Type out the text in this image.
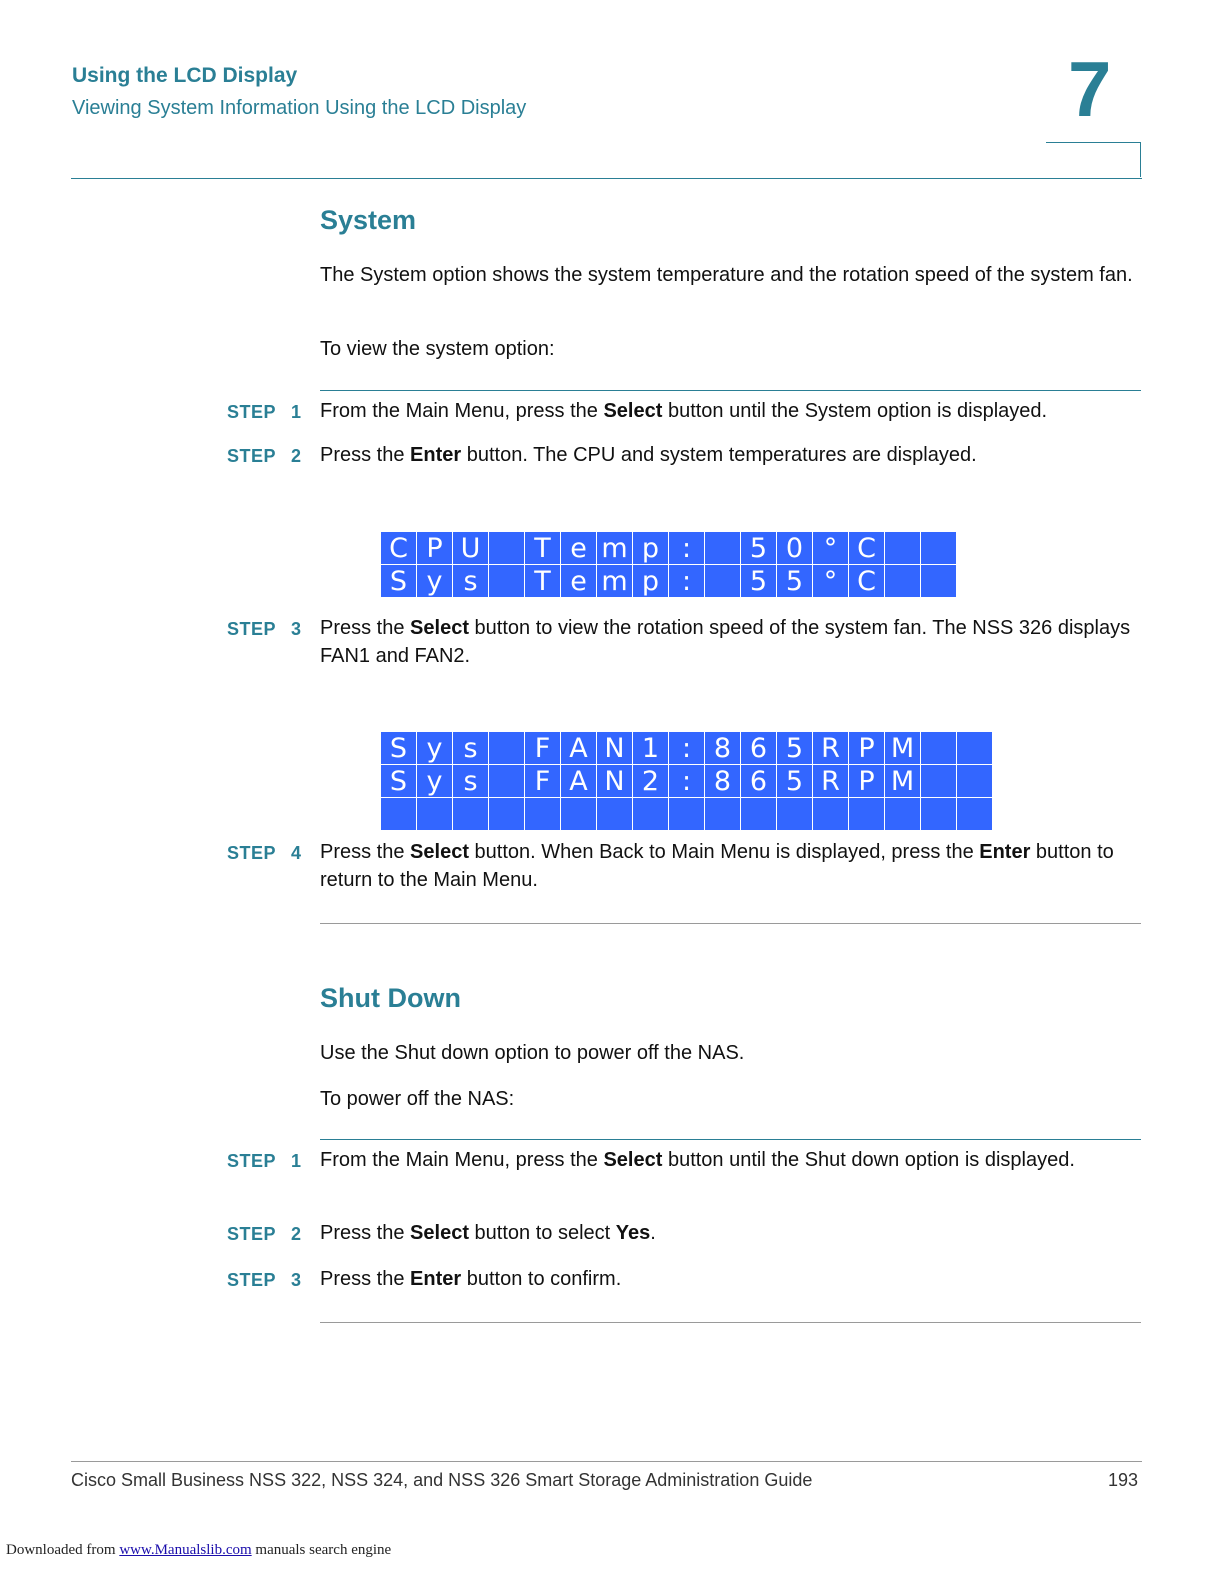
Using the LCD Display
Viewing System Information Using the LCD Display	7
System
The System option shows the system temperature and the rotation speed of the system fan.
To view the system option:
STEP 1 From the Main Menu, press the Select button until the System option is displayed.
STEP 2 Press the Enter button. The CPU and system temperatures are displayed.
C P U	T e m p :	5 0 ° C
S y s	T e m p :	5 5 ° C
STEP 3 Press the Select button to view the rotation speed of the system fan. The NSS 326 displays FAN1 and FAN2.
S y s	F A N 1 : 8 6 5 R P M
S y s	F A N 2 : 8 6 5 R P M
STEP 4 Press the Select button. When Back to Main Menu is displayed, press the Enter button to return to the Main Menu.
Shut Down
Use the Shut down option to power off the NAS.
To power off the NAS:
STEP 1 From the Main Menu, press the Select button until the Shut down option is displayed.
STEP 2 Press the Select button to select Yes.
STEP 3 Press the Enter button to confirm.
Cisco Small Business NSS 322, NSS 324, and NSS 326 Smart Storage Administration Guide	193
Downloaded from www.Manualslib.com manuals search engine
